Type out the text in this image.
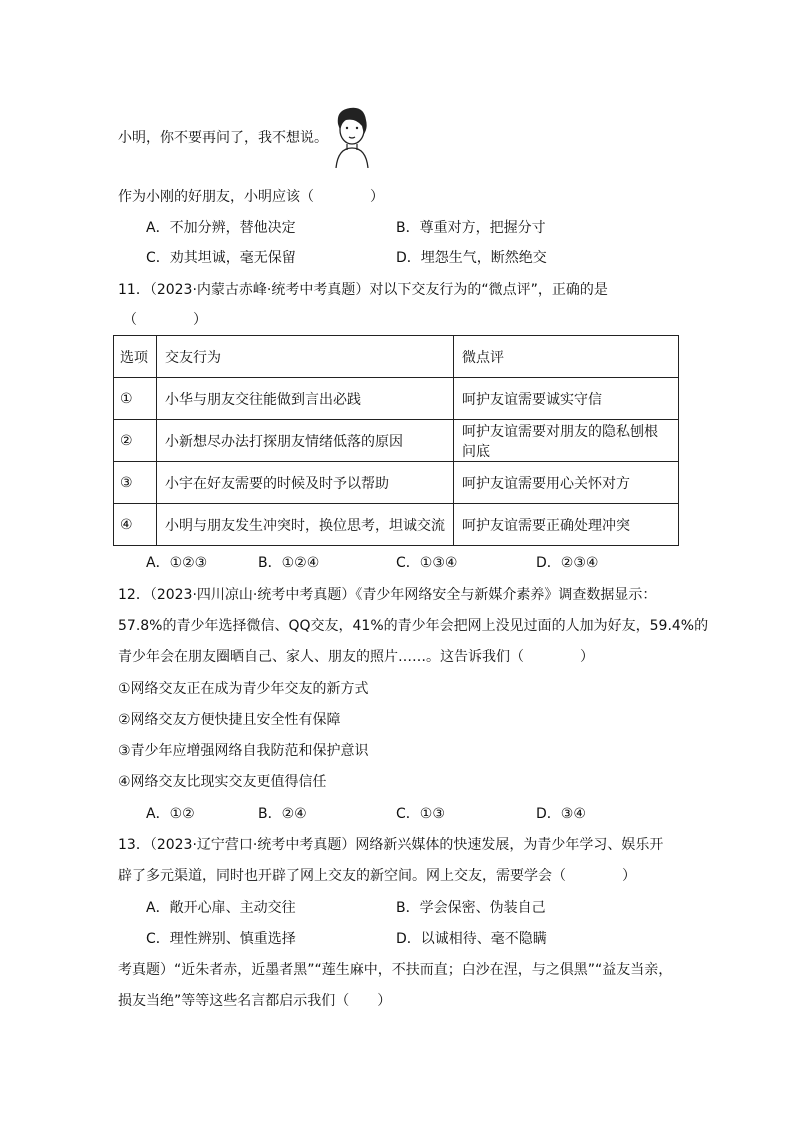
小明，你不要再问了，我不想说。
作为小刚的好朋友，小明应该（　　　　）
A．不加分辨，替他决定	B．尊重对方，把握分寸
C．劝其坦诚，毫无保留	D．埋怨生气，断然绝交
11．（2023·内蒙古赤峰·统考中考真题）对以下交友行为的“微点评”，正确的是
（　　　　）
选项	交友行为	微点评
①	小华与朋友交往能做到言出必践	呵护友谊需要诚实守信
②	小新想尽办法打探朋友情绪低落的原因	呵护友谊需要对朋友的隐私刨根问底
③	小宇在好友需要的时候及时予以帮助	呵护友谊需要用心关怀对方
④	小明与朋友发生冲突时，换位思考，坦诚交流	呵护友谊需要正确处理冲突
A．①②③	B．①②④	C．①③④	D．②③④
12．（2023·四川凉山·统考中考真题）《青少年网络安全与新媒介素养》调查数据显示：
57.8%的青少年选择微信、QQ交友，41%的青少年会把网上没见过面的人加为好友，59.4%的
青少年会在朋友圈晒自己、家人、朋友的照片……。这告诉我们（　　　　）
①网络交友正在成为青少年交友的新方式
②网络交友方便快捷且安全性有保障
③青少年应增强网络自我防范和保护意识
④网络交友比现实交友更值得信任
A．①②	B．②④	C．①③	D．③④
13．（2023·辽宁营口·统考中考真题）网络新兴媒体的快速发展，为青少年学习、娱乐开
辟了多元渠道，同时也开辟了网上交友的新空间。网上交友，需要学会（　　　　）
A．敞开心扉、主动交往	B．学会保密、伪装自己
C．理性辨别、慎重选择	D．以诚相待、毫不隐瞒
考真题）“近朱者赤，近墨者黑”“莲生麻中，不扶而直；白沙在涅，与之俱黑”“益友当亲，
损友当绝”等等这些名言都启示我们（　　）
